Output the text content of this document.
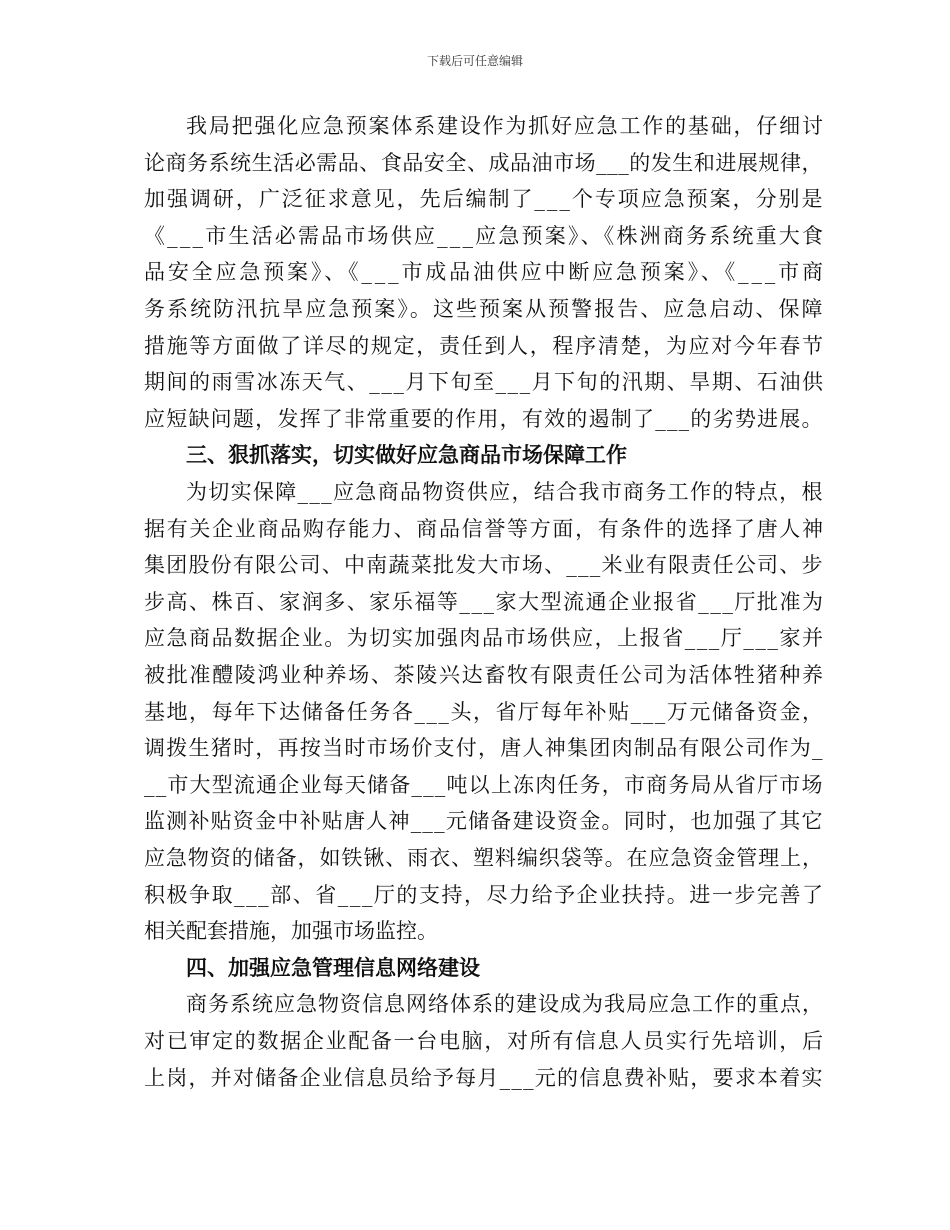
下载后可任意编辑
我局把强化应急预案体系建设作为抓好应急工作的基础，仔细讨
论商务系统生活必需品、食品安全、成品油市场___的发生和进展规律，
加强调研，广泛征求意见，先后编制了___个专项应急预案，分别是
《___市生活必需品市场供应___应急预案》、《株洲商务系统重大食
品安全应急预案》、《___市成品油供应中断应急预案》、《___市商
务系统防汛抗旱应急预案》。这些预案从预警报告、应急启动、保障
措施等方面做了详尽的规定，责任到人，程序清楚，为应对今年春节
期间的雨雪冰冻天气、___月下旬至___月下旬的汛期、旱期、石油供
应短缺问题，发挥了非常重要的作用，有效的遏制了___的劣势进展。
三、狠抓落实，切实做好应急商品市场保障工作
为切实保障___应急商品物资供应，结合我市商务工作的特点，根
据有关企业商品购存能力、商品信誉等方面，有条件的选择了唐人神
集团股份有限公司、中南蔬菜批发大市场、___米业有限责任公司、步
步高、株百、家润多、家乐福等___家大型流通企业报省___厅批准为
应急商品数据企业。为切实加强肉品市场供应，上报省___厅___家并
被批准醴陵鸿业种养场、茶陵兴达畜牧有限责任公司为活体牲猪种养
基地，每年下达储备任务各___头，省厅每年补贴___万元储备资金，
调拨生猪时，再按当时市场价支付，唐人神集团肉制品有限公司作为_
__市大型流通企业每天储备___吨以上冻肉任务，市商务局从省厅市场
监测补贴资金中补贴唐人神___元储备建设资金。同时，也加强了其它
应急物资的储备，如铁锹、雨衣、塑料编织袋等。在应急资金管理上，
积极争取___部、省___厅的支持，尽力给予企业扶持。进一步完善了
相关配套措施，加强市场监控。
四、加强应急管理信息网络建设
商务系统应急物资信息网络体系的建设成为我局应急工作的重点，
对已审定的数据企业配备一台电脑，对所有信息人员实行先培训，后
上岗，并对储备企业信息员给予每月___元的信息费补贴，要求本着实
